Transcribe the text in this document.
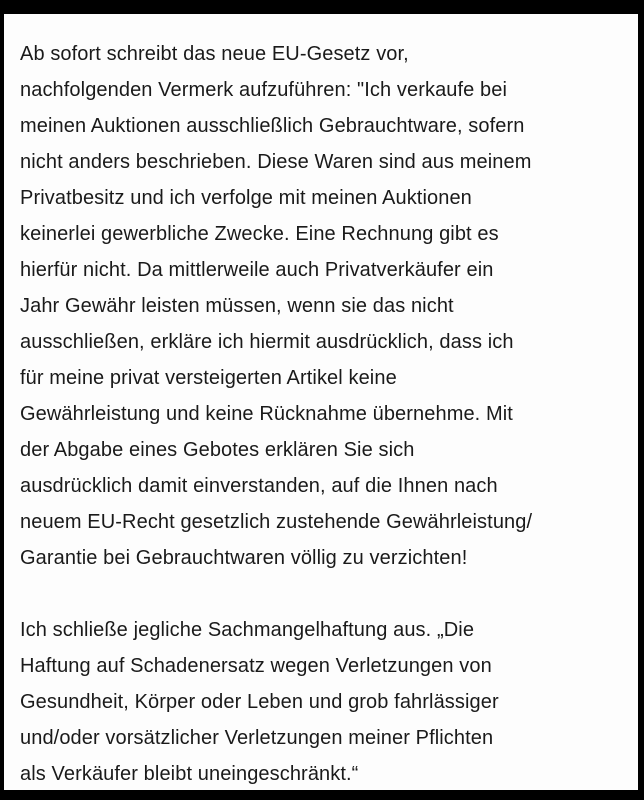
Ab sofort schreibt das neue EU-Gesetz vor,
nachfolgenden Vermerk aufzuführen: "Ich verkaufe bei
meinen Auktionen ausschließlich Gebrauchtware, sofern
nicht anders beschrieben. Diese Waren sind aus meinem
Privatbesitz und ich verfolge mit meinen Auktionen
keinerlei gewerbliche Zwecke. Eine Rechnung gibt es
hierfür nicht. Da mittlerweile auch Privatverkäufer ein
Jahr Gewähr leisten müssen, wenn sie das nicht
ausschließen, erkläre ich hiermit ausdrücklich, dass ich
für meine privat versteigerten Artikel keine
Gewährleistung und keine Rücknahme übernehme. Mit
der Abgabe eines Gebotes erklären Sie sich
ausdrücklich damit einverstanden, auf die Ihnen nach
neuem EU-Recht gesetzlich zustehende Gewährleistung/
Garantie bei Gebrauchtwaren völlig zu verzichten!

Ich schließe jegliche Sachmangelhaftung aus. „Die
Haftung auf Schadenersatz wegen Verletzungen von
Gesundheit, Körper oder Leben und grob fahrlässiger
und/oder vorsätzlicher Verletzungen meiner Pflichten
als Verkäufer bleibt uneingeschränkt.“
